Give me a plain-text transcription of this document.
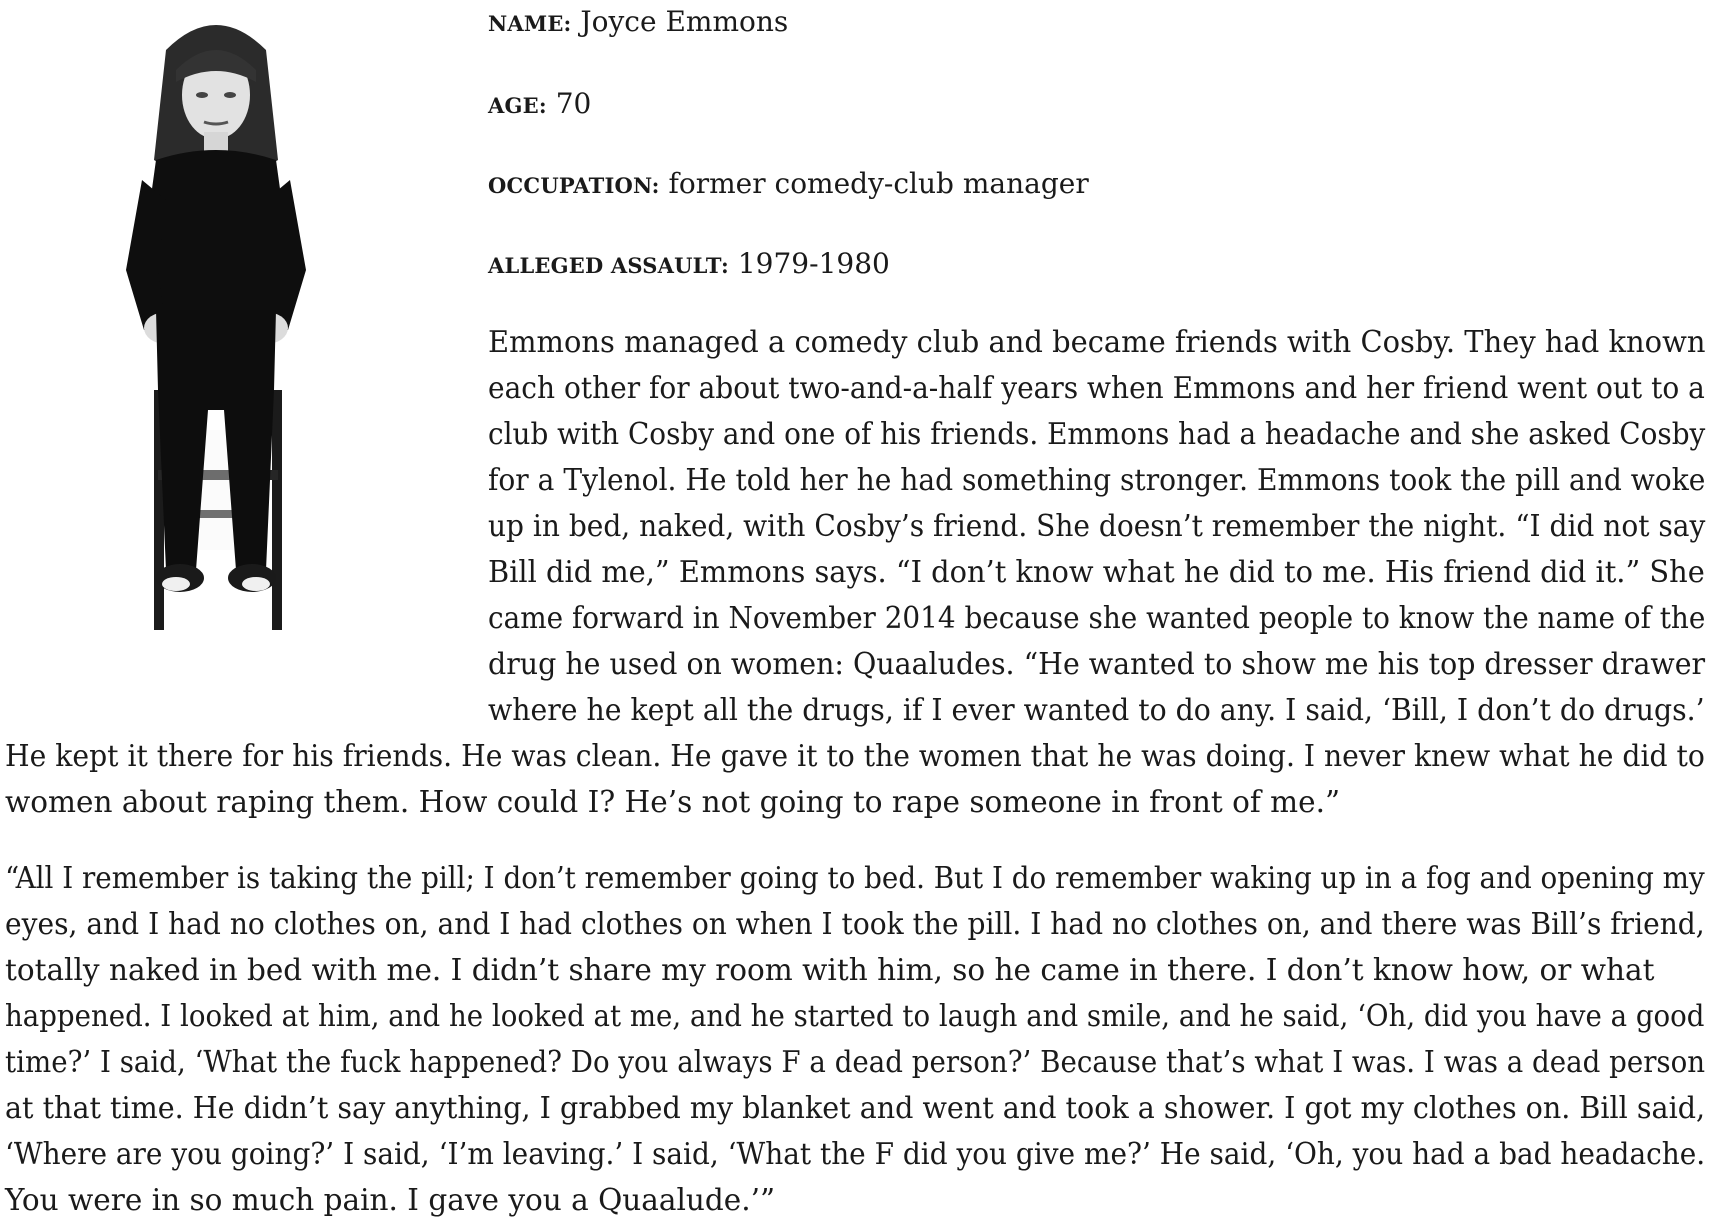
NAME: Joyce Emmons

AGE: 70

OCCUPATION: former comedy-club manager

ALLEGED ASSAULT: 1979-1980

Emmons managed a comedy club and became friends with Cosby. They had known
each other for about two-and-a-half years when Emmons and her friend went out to a
club with Cosby and one of his friends. Emmons had a headache and she asked Cosby
for a Tylenol. He told her he had something stronger. Emmons took the pill and woke
up in bed, naked, with Cosby’s friend. She doesn’t remember the night. “I did not say
Bill did me,” Emmons says. “I don’t know what he did to me. His friend did it.” She
came forward in November 2014 because she wanted people to know the name of the
drug he used on women: Quaaludes. “He wanted to show me his top dresser drawer
where he kept all the drugs, if I ever wanted to do any. I said, ‘Bill, I don’t do drugs.’
He kept it there for his friends. He was clean. He gave it to the women that he was doing. I never knew what he did to
women about raping them. How could I? He’s not going to rape someone in front of me.”
“All I remember is taking the pill; I don’t remember going to bed. But I do remember waking up in a fog and opening my
eyes, and I had no clothes on, and I had clothes on when I took the pill. I had no clothes on, and there was Bill’s friend,
totally naked in bed with me. I didn’t share my room with him, so he came in there. I don’t know how, or what
happened. I looked at him, and he looked at me, and he started to laugh and smile, and he said, ‘Oh, did you have a good
time?’ I said, ‘What the fuck happened? Do you always F a dead person?’ Because that’s what I was. I was a dead person
at that time. He didn’t say anything, I grabbed my blanket and went and took a shower. I got my clothes on. Bill said,
‘Where are you going?’ I said, ‘I’m leaving.’ I said, ‘What the F did you give me?’ He said, ‘Oh, you had a bad headache.
You were in so much pain. I gave you a Quaalude.’”
